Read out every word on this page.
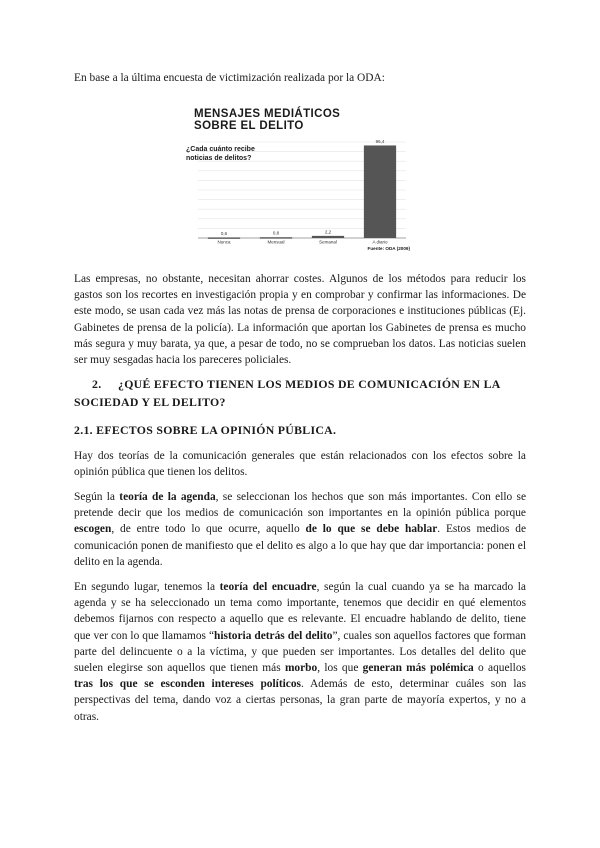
En base a la última encuesta de victimización realizada por la ODA:

MENSAJES MEDIÁTICOS SOBRE EL DELITO
¿Cada cuánto recibe noticias de delitos?
0,6
Nunca
0,8
Mensual
2,2
Semanal
96,4
A diario
Fuente: ODA (2009)

Las empresas, no obstante, necesitan ahorrar costes. Algunos de los métodos para reducir los gastos son los recortes en investigación propia y en comprobar y confirmar las informaciones. De este modo, se usan cada vez más las notas de prensa de corporaciones e instituciones públicas (Ej. Gabinetes de prensa de la policía). La información que aportan los Gabinetes de prensa es mucho más segura y muy barata, ya que, a pesar de todo, no se comprueban los datos. Las noticias suelen ser muy sesgadas hacia los pareceres policiales.

2. ¿QUÉ EFECTO TIENEN LOS MEDIOS DE COMUNICACIÓN EN LA
SOCIEDAD Y EL DELITO?
2.1. EFECTOS SOBRE LA OPINIÓN PÚBLICA.

Hay dos teorías de la comunicación generales que están relacionados con los efectos sobre la opinión pública que tienen los delitos.

Según la teoría de la agenda, se seleccionan los hechos que son más importantes. Con ello se pretende decir que los medios de comunicación son importantes en la opinión pública porque escogen, de entre todo lo que ocurre, aquello de lo que se debe hablar. Estos medios de comunicación ponen de manifiesto que el delito es algo a lo que hay que dar importancia: ponen el delito en la agenda.

En segundo lugar, tenemos la teoría del encuadre, según la cual cuando ya se ha marcado la agenda y se ha seleccionado un tema como importante, tenemos que decidir en qué elementos debemos fijarnos con respecto a aquello que es relevante. El encuadre hablando de delito, tiene que ver con lo que llamamos “historia detrás del delito”, cuales son aquellos factores que forman parte del delincuente o a la víctima, y que pueden ser importantes. Los detalles del delito que suelen elegirse son aquellos que tienen más morbo, los que generan más polémica o aquellos tras los que se esconden intereses políticos. Además de esto, determinar cuáles son las perspectivas del tema, dando voz a ciertas personas, la gran parte de mayoría expertos, y no a otras.
